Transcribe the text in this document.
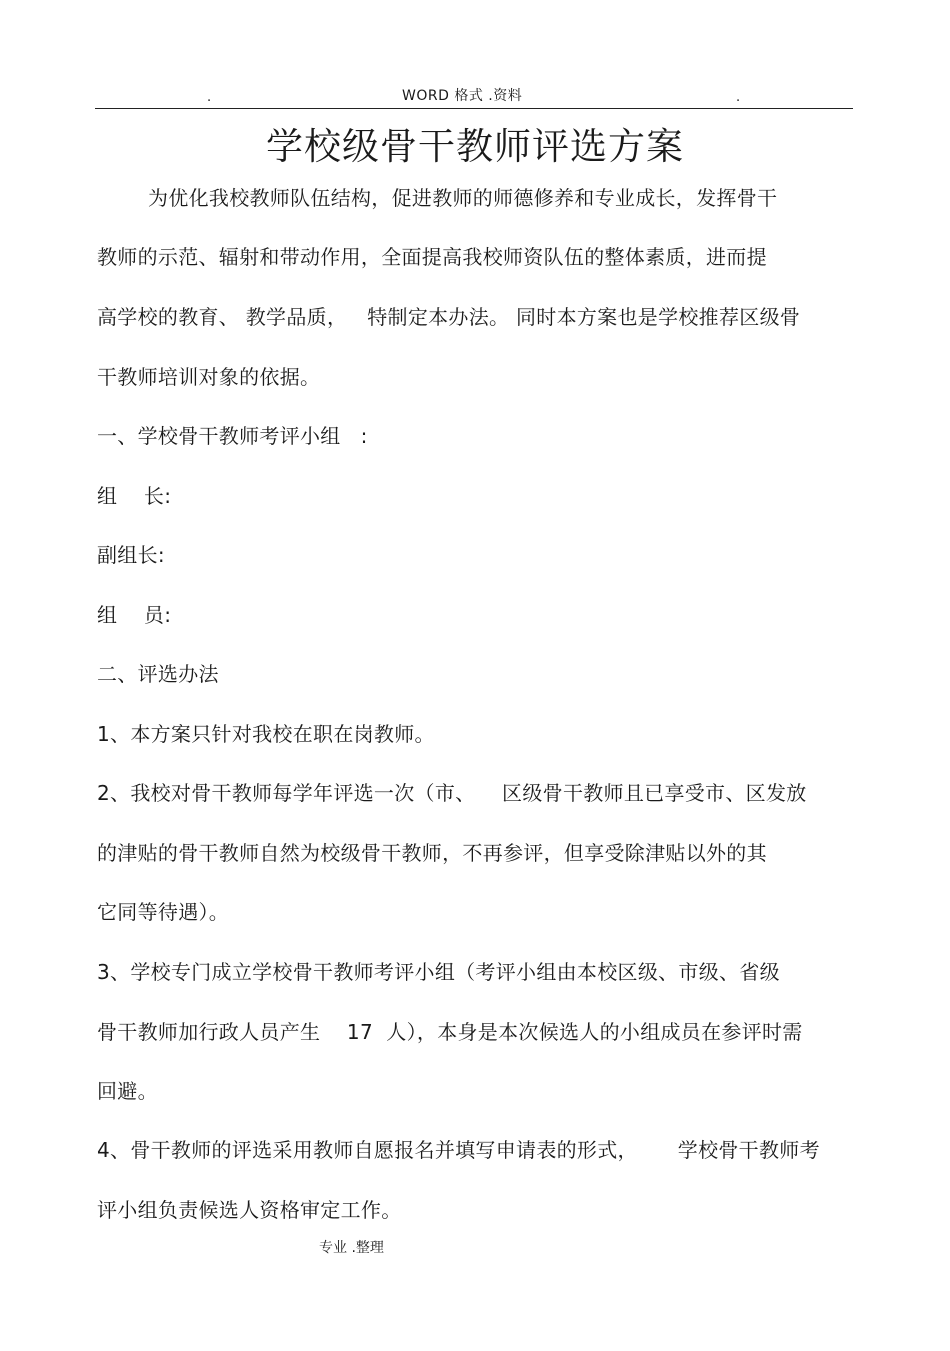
.	WORD 格式 .资料	.
学校级骨干教师评选方案
为优化我校教师队伍结构，促进教师的师德修养和专业成长，发挥骨干
教师的示范、辐射和带动作用，全面提高我校师资队伍的整体素质，进而提
高学校的教育、 教学品质，   特制定本办法。 同时本方案也是学校推荐区级骨
干教师培训对象的依据。
一、学校骨干教师考评小组   :
组    长:
副组长:
组    员:
二、评选办法
1、本方案只针对我校在职在岗教师。
2、我校对骨干教师每学年评选一次（市、    区级骨干教师且已享受市、区发放
的津贴的骨干教师自然为校级骨干教师，不再参评，但享受除津贴以外的其
它同等待遇）。
3、学校专门成立学校骨干教师考评小组（考评小组由本校区级、市级、省级
骨干教师加行政人员产生    17  人），本身是本次候选人的小组成员在参评时需
回避。
4、骨干教师的评选采用教师自愿报名并填写申请表的形式，      学校骨干教师考
评小组负责候选人资格审定工作。
专业 .整理
